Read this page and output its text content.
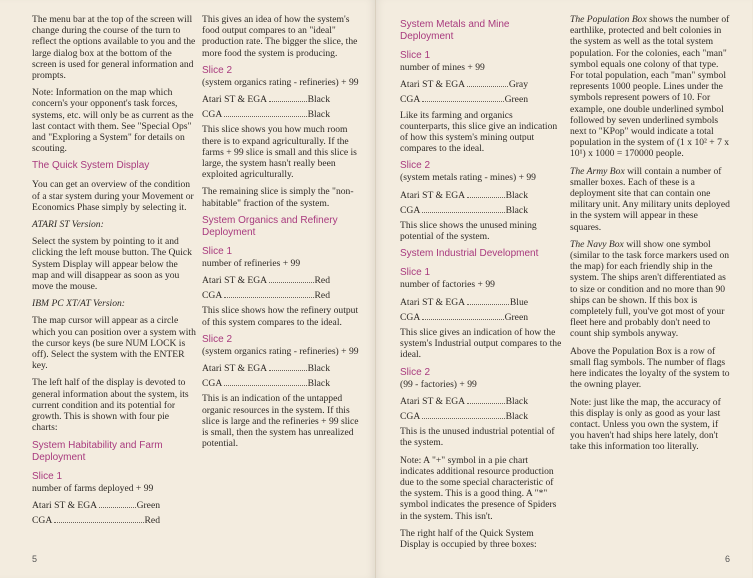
The menu bar at the top of the screen will change during the course of the turn to reflect the options available to you and the large dialog box at the bottom of the screen is used for general information and prompts.

Note: Information on the map which concern's your opponent's task forces, systems, etc. will only be as current as the last contact with them. See "Special Ops" and "Exploring a System" for details on scouting.

The Quick System Display

You can get an overview of the condition of a star system during your Movement or Economics Phase simply by selecting it.

ATARI ST Version:

Select the system by pointing to it and clicking the left mouse button. The Quick System Display will appear below the map and will disappear as soon as you move the mouse.

IBM PC XT/AT Version:

The map cursor will appear as a circle which you can position over a system with the cursor keys (be sure NUM LOCK is off). Select the system with the ENTER key.

The left half of the display is devoted to general information about the system, its current condition and its potential for growth. This is shown with four pie charts:

System Habitability and Farm Deployment
Slice 1

number of farms deployed + 99

Atari ST & EGA	Green
CGA	Red

This gives an idea of how the system's food output compares to an "ideal" production rate. The bigger the slice, the more food the system is producing.

Slice 2

(system organics rating - refineries) + 99

Atari ST & EGA	Black
CGA	Black

This slice shows you how much room there is to expand agriculturally. If the farms + 99 slice is small and this slice is large, the system hasn't really been exploited agriculturally.

The remaining slice is simply the "non-habitable" fraction of the system.

System Organics and Refinery Deployment
Slice 1

number of refineries + 99

Atari ST & EGA	Red
CGA	Red

This slice shows how the refinery output of this system compares to the ideal.

Slice 2

(system organics rating - refineries) + 99

Atari ST & EGA	Black
CGA	Black

This is an indication of the untapped organic resources in the system. If this slice is large and the refineries + 99 slice is small, then the system has unrealized potential.

5
System Metals and Mine Deployment
Slice 1

number of mines + 99

Atari ST & EGA	Gray
CGA	Green

Like its farming and organics counterparts, this slice give an indication of how this system's mining output compares to the ideal.

Slice 2

(system metals rating - mines) + 99

Atari ST & EGA	Black
CGA	Black

This slice shows the unused mining potential of the system.

System Industrial Development
Slice 1

number of factories + 99

Atari ST & EGA	Blue
CGA	Green

This slice gives an indication of how the system's Industrial output compares to the ideal.

Slice 2

(99 - factories) + 99

Atari ST & EGA	Black
CGA	Black

This is the unused industrial potential of the system.

Note: A "+" symbol in a pie chart indicates additional resource production due to the some special characteristic of the system. This is a good thing. A "*" symbol indicates the presence of Spiders in the system. This isn't.

The right half of the Quick System Display is occupied by three boxes:

The Population Box shows the number of earthlike, protected and belt colonies in the system as well as the total system population. For the colonies, each "man" symbol equals one colony of that type. For total population, each "man" symbol represents 1000 people. Lines under the symbols represent powers of 10. For example, one double underlined symbol followed by seven underlined symbols next to "KPop" would indicate a total population in the system of (1 x 10² + 7 x 10¹) x 1000 = 170000 people.

The Army Box will contain a number of smaller boxes. Each of these is a deployment site that can contain one military unit. Any military units deployed in the system will appear in these squares.

The Navy Box will show one symbol (similar to the task force markers used on the map) for each friendly ship in the system. The ships aren't differentiated as to size or condition and no more than 90 ships can be shown. If this box is completely full, you've got most of your fleet here and probably don't need to count ship symbols anyway.

Above the Population Box is a row of small flag symbols. The number of flags here indicates the loyalty of the system to the owning player.

Note: just like the map, the accuracy of this display is only as good as your last contact. Unless you own the system, if you haven't had ships here lately, don't take this information too literally.

6
